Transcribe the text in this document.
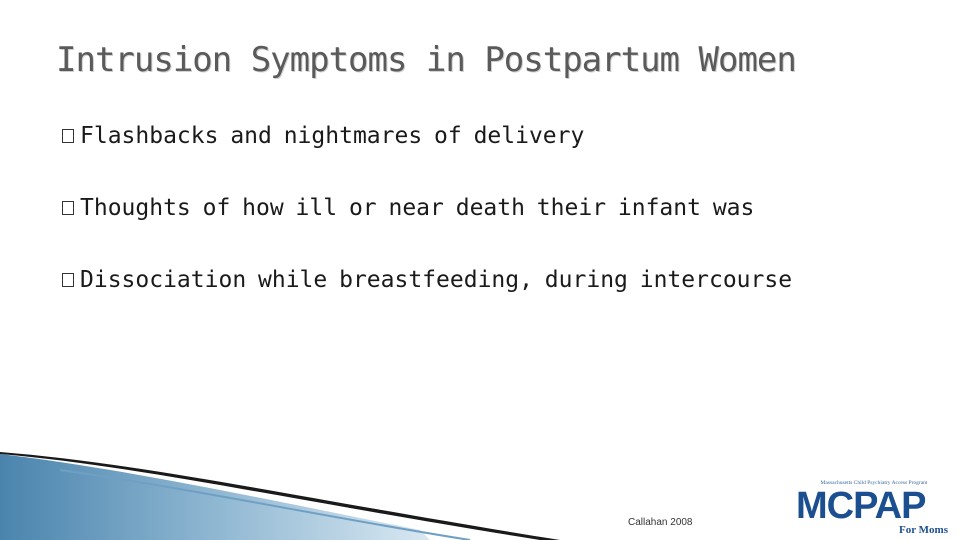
Intrusion Symptoms in Postpartum Women
Flashbacks and nightmares of delivery
Thoughts of how ill or near death their infant was
Dissociation while breastfeeding, during intercourse
Callahan 2008
Massachusetts Child Psychiatry Access Program
MCPAP
For Moms
